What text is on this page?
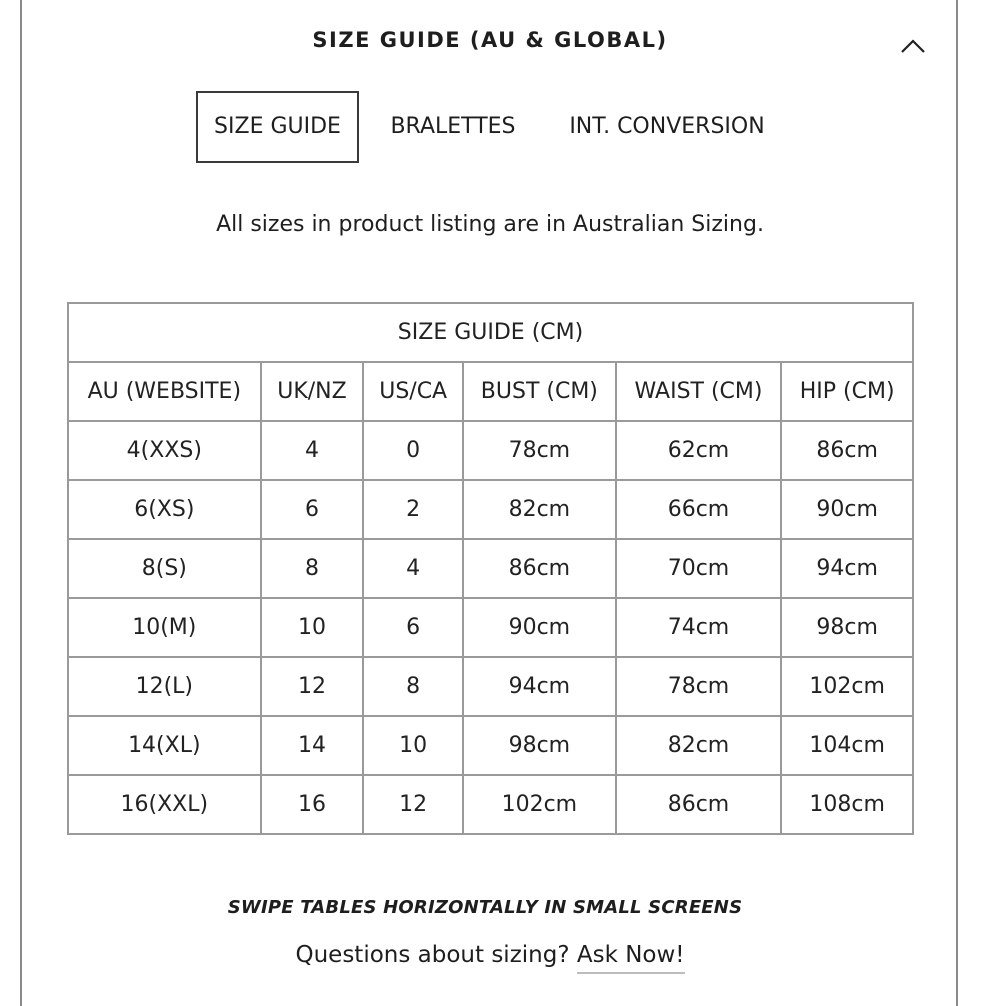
SIZE GUIDE (AU & GLOBAL)
SIZE GUIDE	BRALETTES	INT. CONVERSION
All sizes in product listing are in Australian Sizing.
SIZE GUIDE (CM)					
AU (WEBSITE)	UK/NZ	US/CA	BUST (CM)	WAIST (CM)	HIP (CM)
4(XXS)	4	0	78cm	62cm	86cm
6(XS)	6	2	82cm	66cm	90cm
8(S)	8	4	86cm	70cm	94cm
10(M)	10	6	90cm	74cm	98cm
12(L)	12	8	94cm	78cm	102cm
14(XL)	14	10	98cm	82cm	104cm
16(XXL)	16	12	102cm	86cm	108cm
SWIPE TABLES HORIZONTALLY IN SMALL SCREENS
Questions about sizing? Ask Now!
